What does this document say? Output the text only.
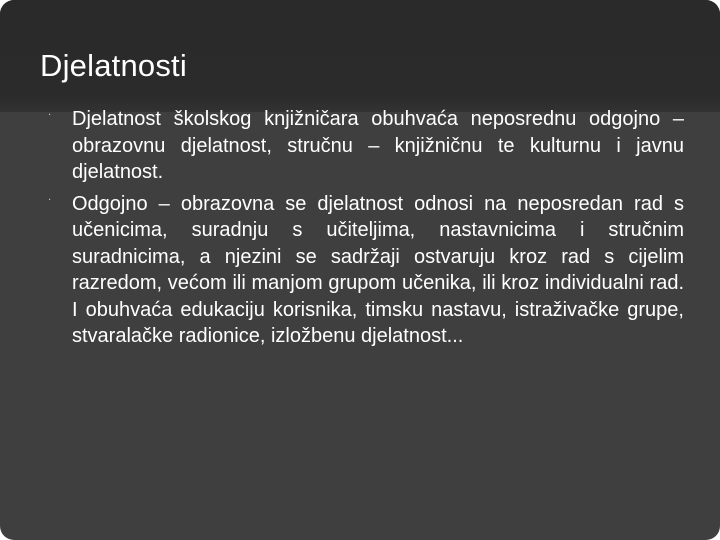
Djelatnosti
· Djelatnost školskog knjižničara obuhvaća neposrednu odgojno – obrazovnu djelatnost, stručnu – knjižničnu te kulturnu i javnu djelatnost.
· Odgojno – obrazovna se djelatnost odnosi na neposredan rad s učenicima, suradnju s učiteljima, nastavnicima i stručnim suradnicima, a njezini se sadržaji ostvaruju kroz rad s cijelim razredom, većom ili manjom grupom učenika, ili kroz individualni rad. I obuhvaća edukaciju korisnika, timsku nastavu, istraživačke grupe, stvaralačke radionice, izložbenu djelatnost...
